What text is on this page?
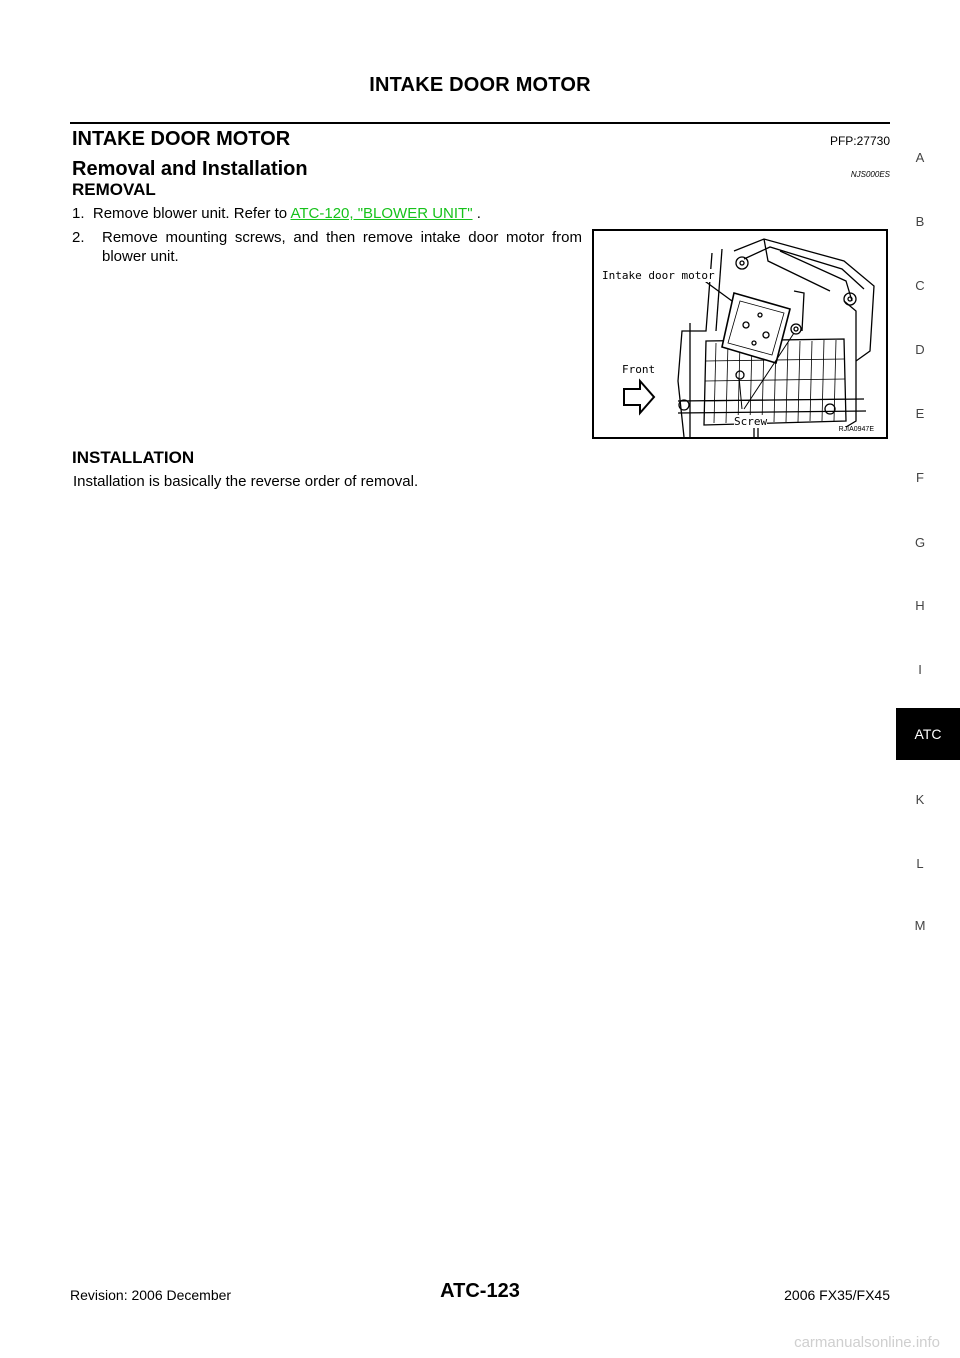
INTAKE DOOR MOTOR
INTAKE DOOR MOTOR	PFP:27730
Removal and Installation	NJS000ES
REMOVAL
1. Remove blower unit. Refer to ATC-120, "BLOWER UNIT" .
2. Remove mounting screws, and then remove intake door motor from blower unit.
Intake door motor
Front
Screw
RJIA0947E
INSTALLATION
Installation is basically the reverse order of removal.
A
B
C
D
E
F
G
H
I
ATC
K
L
M
Revision: 2006 December	ATC-123	2006 FX35/FX45
carmanualsonline.info
